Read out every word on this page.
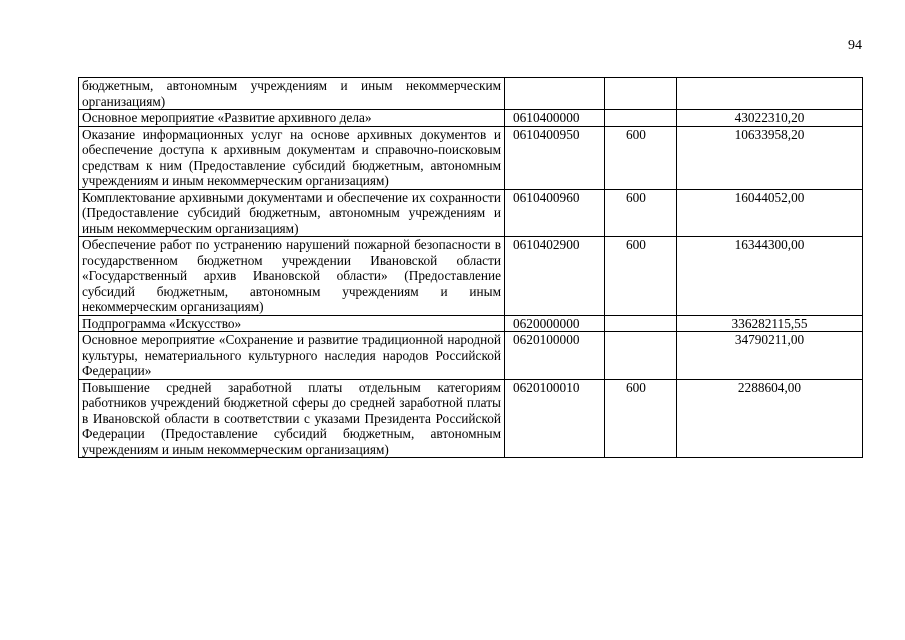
94
бюджетным, автономным учреждениям и иным некоммерческим организациям)			
Основное мероприятие «Развитие архивного дела»	0610400000		43022310,20
Оказание информационных услуг на основе архивных документов и обеспечение доступа к архивным документам и справочно-поисковым средствам к ним (Предоставление субсидий бюджетным, автономным учреждениям и иным некоммерческим организациям)	0610400950	600	10633958,20
Комплектование архивными документами и обеспечение их сохранности (Предоставление субсидий бюджетным, автономным учреждениям и иным некоммерческим организациям)	0610400960	600	16044052,00
Обеспечение работ по устранению нарушений пожарной безопасности в государственном бюджетном учреждении Ивановской области «Государственный архив Ивановской области» (Предоставление субсидий бюджетным, автономным учреждениям и иным некоммерческим организациям)	0610402900	600	16344300,00
Подпрограмма «Искусство»	0620000000		336282115,55
Основное мероприятие «Сохранение и развитие традиционной народной культуры, нематериального культурного наследия народов Российской Федерации»	0620100000		34790211,00
Повышение средней заработной платы отдельным категориям работников учреждений бюджетной сферы до средней заработной платы в Ивановской области в соответствии с указами Президента Российской Федерации (Предоставление субсидий бюджетным, автономным учреждениям и иным некоммерческим организациям)	0620100010	600	2288604,00
